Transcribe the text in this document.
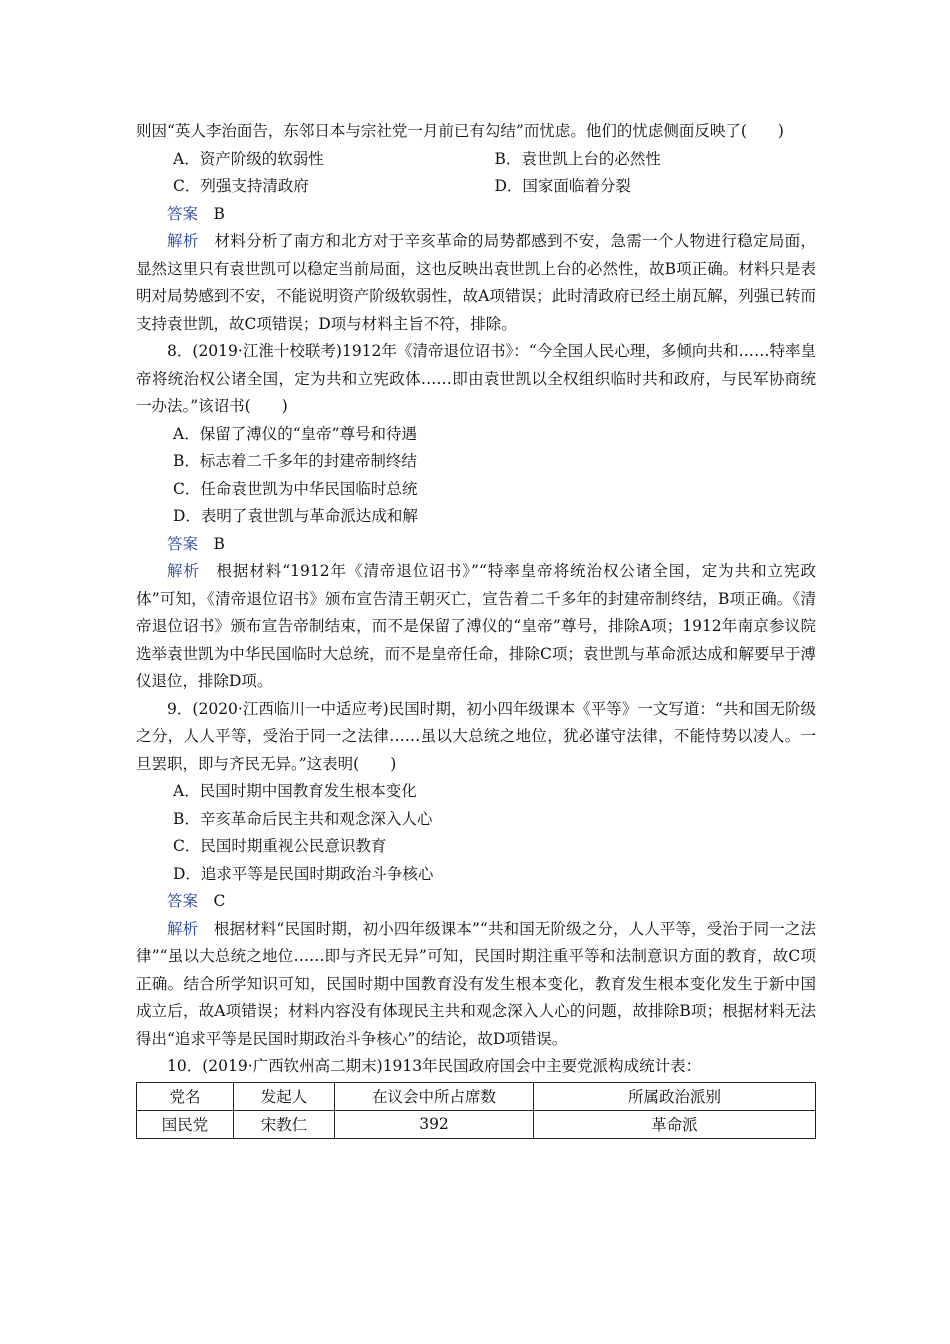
则因“英人李治面告，东邻日本与宗社党一月前已有勾结”而忧虑。他们的忧虑侧面反映了(　　)

A．资产阶级的软弱性	B．袁世凯上台的必然性
C．列强支持清政府	D．国家面临着分裂

答案　 B

解析　 材料分析了南方和北方对于辛亥革命的局势都感到不安，急需一个人物进行稳定局面，显然这里只有袁世凯可以稳定当前局面，这也反映出袁世凯上台的必然性，故B项正确。材料只是表明对局势感到不安，不能说明资产阶级软弱性，故A项错误；此时清政府已经土崩瓦解，列强已转而支持袁世凯，故C项错误；D项与材料主旨不符，排除。

8．(2019·江淮十校联考)1912年《清帝退位诏书》：“今全国人民心理，多倾向共和……特率皇帝将统治权公诸全国，定为共和立宪政体……即由袁世凯以全权组织临时共和政府，与民军协商统一办法。”该诏书(　　)

A．保留了溥仪的“皇帝”尊号和待遇

B．标志着二千多年的封建帝制终结

C．任命袁世凯为中华民国临时总统

D．表明了袁世凯与革命派达成和解

答案　 B

解析　 根据材料“1912年《清帝退位诏书》”“特率皇帝将统治权公诸全国，定为共和立宪政体”可知，《清帝退位诏书》颁布宣告清王朝灭亡，宣告着二千多年的封建帝制终结，B项正确。《清帝退位诏书》颁布宣告帝制结束，而不是保留了溥仪的“皇帝”尊号，排除A项；1912年南京参议院选举袁世凯为中华民国临时大总统，而不是皇帝任命，排除C项；袁世凯与革命派达成和解要早于溥仪退位，排除D项。

9．(2020·江西临川一中适应考)民国时期，初小四年级课本《平等》一文写道：“共和国无阶级之分，人人平等，受治于同一之法律……虽以大总统之地位，犹必谨守法律，不能恃势以凌人。一旦罢职，即与齐民无异。”这表明(　　)

A．民国时期中国教育发生根本变化

B．辛亥革命后民主共和观念深入人心

C．民国时期重视公民意识教育

D．追求平等是民国时期政治斗争核心

答案　 C

解析　 根据材料“民国时期，初小四年级课本”“共和国无阶级之分，人人平等，受治于同一之法律”“虽以大总统之地位……即与齐民无异”可知，民国时期注重平等和法制意识方面的教育，故C项正确。结合所学知识可知，民国时期中国教育没有发生根本变化，教育发生根本变化发生于新中国成立后，故A项错误；材料内容没有体现民主共和观念深入人心的问题，故排除B项；根据材料无法得出“追求平等是民国时期政治斗争核心”的结论，故D项错误。

10．(2019·广西钦州高二期末)1913年民国政府国会中主要党派构成统计表：

党名	发起人	在议会中所占席数	所属政治派别
国民党	宋教仁	392	革命派
